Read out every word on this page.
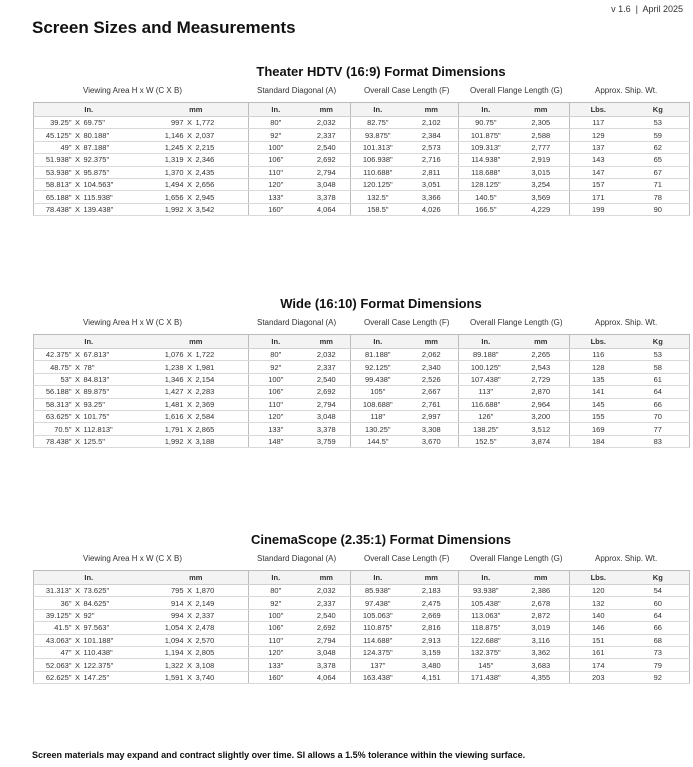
v 1.6 | April 2025
Screen Sizes and Measurements
Theater HDTV (16:9) Format Dimensions
Viewing Area H x W (C X B)	Standard Diagonal (A)	Overall Case Length (F)	Overall Flange Length (G)	Approx. Ship. Wt.
In.			mm			In.	mm	In.	mm	In.	mm	Lbs.	Kg
39.25"	X	69.75"	997	X	1,772	80"	2,032	82.75"	2,102	90.75"	2,305	117	53
45.125"	X	80.188"	1,146	X	2,037	92"	2,337	93.875"	2,384	101.875"	2,588	129	59
49"	X	87.188"	1,245	X	2,215	100"	2,540	101.313"	2,573	109.313"	2,777	137	62
51.938"	X	92.375"	1,319	X	2,346	106"	2,692	106.938"	2,716	114.938"	2,919	143	65
53.938"	X	95.875"	1,370	X	2,435	110"	2,794	110.688"	2,811	118.688"	3,015	147	67
58.813"	X	104.563"	1,494	X	2,656	120"	3,048	120.125"	3,051	128.125"	3,254	157	71
65.188"	X	115.938"	1,656	X	2,945	133"	3,378	132.5"	3,366	140.5"	3,569	171	78
78.438"	X	139.438"	1,992	X	3,542	160"	4,064	158.5"	4,026	166.5"	4,229	199	90
Wide (16:10) Format Dimensions
Viewing Area H x W (C X B)	Standard Diagonal (A)	Overall Case Length (F)	Overall Flange Length (G)	Approx. Ship. Wt.
In.			mm			In.	mm	In.	mm	In.	mm	Lbs.	Kg
42.375"	X	67.813"	1,076	X	1,722	80"	2,032	81.188"	2,062	89.188"	2,265	116	53
48.75"	X	78"	1,238	X	1,981	92"	2,337	92.125"	2,340	100.125"	2,543	128	58
53"	X	84.813"	1,346	X	2,154	100"	2,540	99.438"	2,526	107.438"	2,729	135	61
56.188"	X	89.875"	1,427	X	2,283	106"	2,692	105"	2,667	113"	2,870	141	64
58.313"	X	93.25"	1,481	X	2,369	110"	2,794	108.688"	2,761	116.688"	2,964	145	66
63.625"	X	101.75"	1,616	X	2,584	120"	3,048	118"	2,997	126"	3,200	155	70
70.5"	X	112.813"	1,791	X	2,865	133"	3,378	130.25"	3,308	138.25"	3,512	169	77
78.438"	X	125.5"	1,992	X	3,188	148"	3,759	144.5"	3,670	152.5"	3,874	184	83
CinemaScope (2.35:1) Format Dimensions
Viewing Area H x W (C X B)	Standard Diagonal (A)	Overall Case Length (F)	Overall Flange Length (G)	Approx. Ship. Wt.
In.			mm			In.	mm	In.	mm	In.	mm	Lbs.	Kg
31.313"	X	73.625"	795	X	1,870	80"	2,032	85.938"	2,183	93.938"	2,386	120	54
36"	X	84.625"	914	X	2,149	92"	2,337	97.438"	2,475	105.438"	2,678	132	60
39.125"	X	92"	994	X	2,337	100"	2,540	105.063"	2,669	113.063"	2,872	140	64
41.5"	X	97.563"	1,054	X	2,478	106"	2,692	110.875"	2,816	118.875"	3,019	146	66
43.063"	X	101.188"	1,094	X	2,570	110"	2,794	114.688"	2,913	122.688"	3,116	151	68
47"	X	110.438"	1,194	X	2,805	120"	3,048	124.375"	3,159	132.375"	3,362	161	73
52.063"	X	122.375"	1,322	X	3,108	133"	3,378	137"	3,480	145"	3,683	174	79
62.625"	X	147.25"	1,591	X	3,740	160"	4,064	163.438"	4,151	171.438"	4,355	203	92
Screen materials may expand and contract slightly over time. SI allows a 1.5% tolerance within the viewing surface.
